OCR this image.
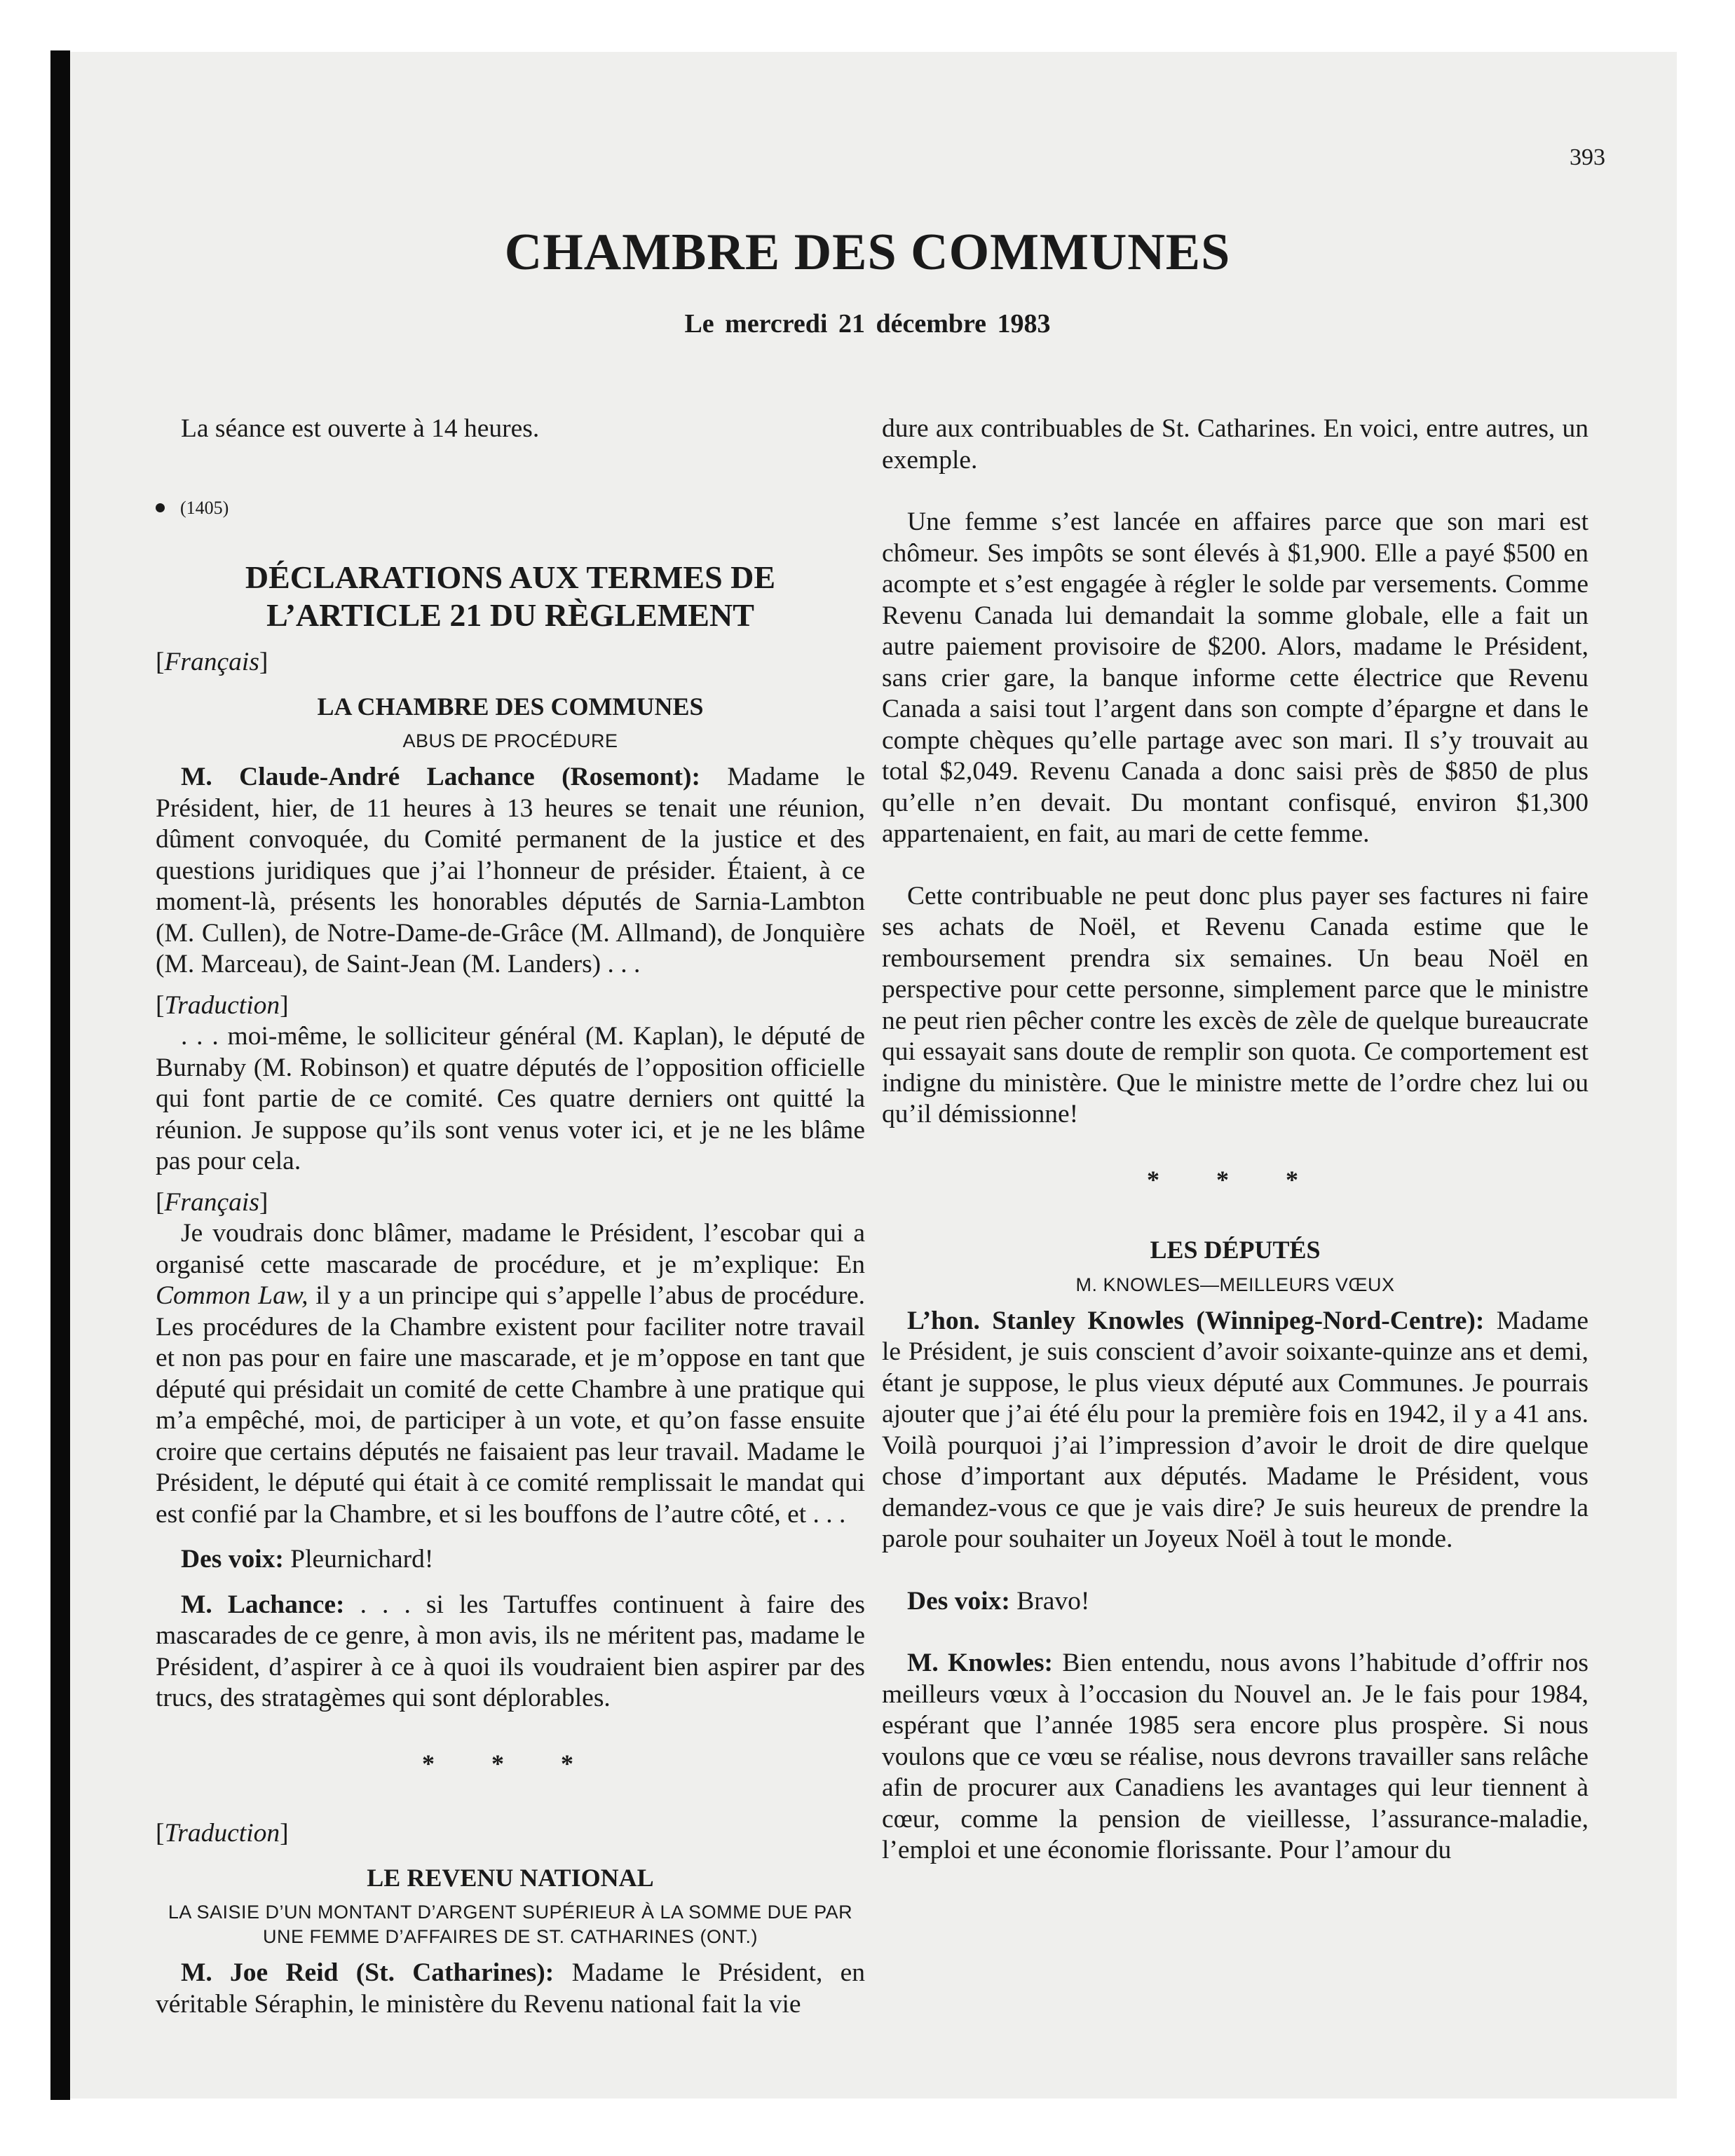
393
CHAMBRE DES COMMUNES
Le mercredi 21 décembre 1983

La séance est ouverte à 14 heures.

(1405)

DÉCLARATIONS AUX TERMES DE L’ARTICLE 21 DU RÈGLEMENT

[Français]

LA CHAMBRE DES COMMUNES

ABUS DE PROCÉDURE

M. Claude-André Lachance (Rosemont): Madame le Président, hier, de 11 heures à 13 heures se tenait une réunion, dûment convoquée, du Comité permanent de la justice et des questions juridiques que j’ai l’honneur de présider. Étaient, à ce moment-là, présents les honorables députés de Sarnia-Lambton (M. Cullen), de Notre-Dame-de-Grâce (M. Allmand), de Jonquière (M. Marceau), de Saint-Jean (M. Landers) . . .

[Traduction]

. . . moi-même, le solliciteur général (M. Kaplan), le député de Burnaby (M. Robinson) et quatre députés de l’opposition officielle qui font partie de ce comité. Ces quatre derniers ont quitté la réunion. Je suppose qu’ils sont venus voter ici, et je ne les blâme pas pour cela.

[Français]

Je voudrais donc blâmer, madame le Président, l’escobar qui a organisé cette mascarade de procédure, et je m’explique: En Common Law, il y a un principe qui s’appelle l’abus de procédure. Les procédures de la Chambre existent pour faciliter notre travail et non pas pour en faire une mascarade, et je m’oppose en tant que député qui présidait un comité de cette Chambre à une pratique qui m’a empêché, moi, de participer à un vote, et qu’on fasse ensuite croire que certains députés ne faisaient pas leur travail. Madame le Président, le député qui était à ce comité remplissait le mandat qui est confié par la Chambre, et si les bouffons de l’autre côté, et . . .

Des voix: Pleurnichard!

M. Lachance: . . . si les Tartuffes continuent à faire des mascarades de ce genre, à mon avis, ils ne méritent pas, madame le Président, d’aspirer à ce à quoi ils voudraient bien aspirer par des trucs, des stratagèmes qui sont déplorables.

* * *

[Traduction]

LE REVENU NATIONAL

LA SAISIE D’UN MONTANT D’ARGENT SUPÉRIEUR À LA SOMME DUE PAR UNE FEMME D’AFFAIRES DE ST. CATHARINES (ONT.)

M. Joe Reid (St. Catharines): Madame le Président, en véritable Séraphin, le ministère du Revenu national fait la vie

dure aux contribuables de St. Catharines. En voici, entre autres, un exemple.

Une femme s’est lancée en affaires parce que son mari est chômeur. Ses impôts se sont élevés à $1,900. Elle a payé $500 en acompte et s’est engagée à régler le solde par versements. Comme Revenu Canada lui demandait la somme globale, elle a fait un autre paiement provisoire de $200. Alors, madame le Président, sans crier gare, la banque informe cette électrice que Revenu Canada a saisi tout l’argent dans son compte d’épargne et dans le compte chèques qu’elle partage avec son mari. Il s’y trouvait au total $2,049. Revenu Canada a donc saisi près de $850 de plus qu’elle n’en devait. Du montant confisqué, environ $1,300 appartenaient, en fait, au mari de cette femme.

Cette contribuable ne peut donc plus payer ses factures ni faire ses achats de Noël, et Revenu Canada estime que le remboursement prendra six semaines. Un beau Noël en perspective pour cette personne, simplement parce que le ministre ne peut rien pêcher contre les excès de zèle de quelque bureaucrate qui essayait sans doute de remplir son quota. Ce comportement est indigne du ministère. Que le ministre mette de l’ordre chez lui ou qu’il démissionne!

* * *

LES DÉPUTÉS

M. KNOWLES—MEILLEURS VŒUX

L’hon. Stanley Knowles (Winnipeg-Nord-Centre): Madame le Président, je suis conscient d’avoir soixante-quinze ans et demi, étant je suppose, le plus vieux député aux Communes. Je pourrais ajouter que j’ai été élu pour la première fois en 1942, il y a 41 ans. Voilà pourquoi j’ai l’impression d’avoir le droit de dire quelque chose d’important aux députés. Madame le Président, vous demandez-vous ce que je vais dire? Je suis heureux de prendre la parole pour souhaiter un Joyeux Noël à tout le monde.

Des voix: Bravo!

M. Knowles: Bien entendu, nous avons l’habitude d’offrir nos meilleurs vœux à l’occasion du Nouvel an. Je le fais pour 1984, espérant que l’année 1985 sera encore plus prospère. Si nous voulons que ce vœu se réalise, nous devrons travailler sans relâche afin de procurer aux Canadiens les avantages qui leur tiennent à cœur, comme la pension de vieillesse, l’assurance-maladie, l’emploi et une économie florissante. Pour l’amour du
